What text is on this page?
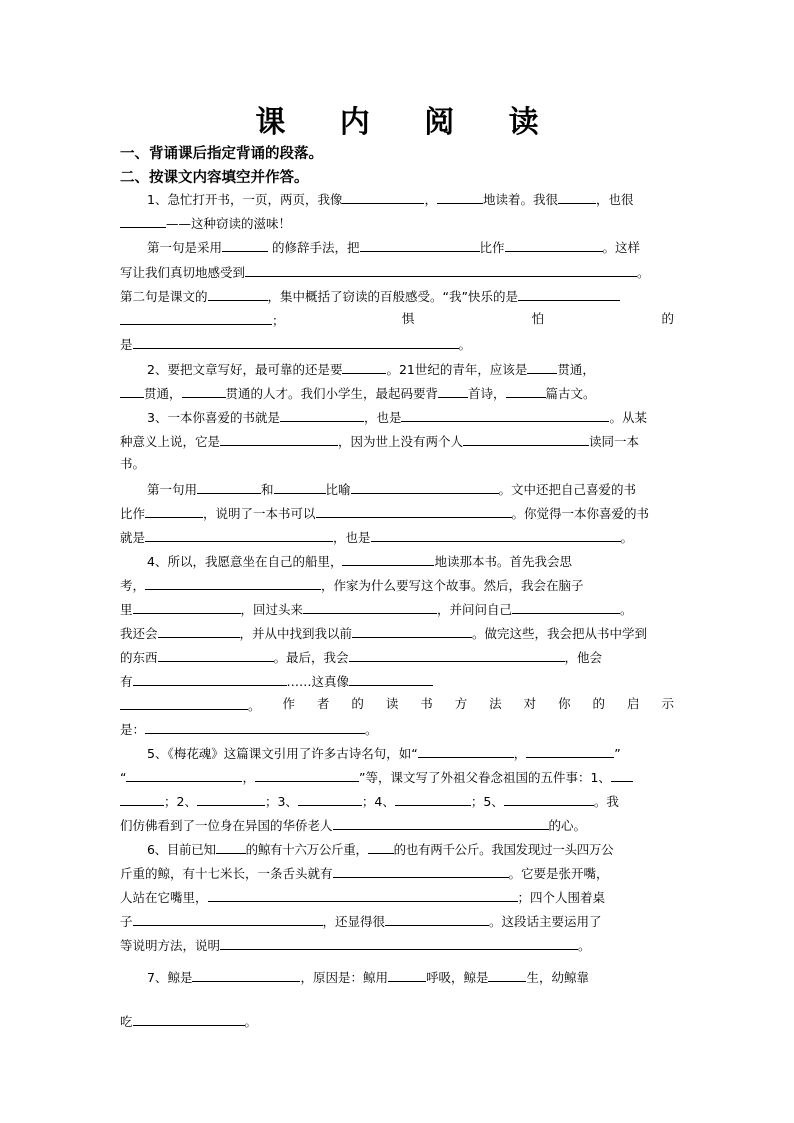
课 内 阅 读
一、背诵课后指定背诵的段落。
二、按课文内容填空并作答。
1、急忙打开书，一页，两页，我像	，	地读着。我很	，也很
——这种窃读的滋味！
第一句是采用	的修辞手法，把	比作	。这样
写让我们真切地感受到	。
第二句是课文的	，集中概括了窃读的百般感受。“我”快乐的是
；	惧	怕	的
是	。
2、要把文章写好，最可靠的还是要	。21世纪的青年，应该是 贯通，
贯通，	贯通的人才。我们小学生，最起码要背 首诗，	篇古文。
3、一本你喜爱的书就是	，也是	。从某
种意义上说，它是	，因为世上没有两个人	读同一本
书。
第一句用	和	比喻	。文中还把自己喜爱的书
比作	，说明了一本书可以	。你觉得一本你喜爱的书
就是	，也是	。
4、所以，我愿意坐在自己的船里，	地读那本书。首先我会思
考，	，作家为什么要写这个故事。然后，我会在脑子
里	，回过头来	，并问问自己	。
我还会	，并从中找到我以前	。做完这些，我会把从书中学到
的东西	。最后，我会	，他会
有	……这真像
。 作 者 的 读 书 方 法 对 你 的 启 示
是：	。
5、《梅花魂》这篇课文引用了许多古诗名句，如“	，	”
“	，	”等，课文写了外祖父眷念祖国的五件事：1、
；2、	；3、	；4、	；5、	。我
们仿佛看到了一位身在异国的华侨老人	的心。
6、目前已知 的鲸有十六万公斤重， 的也有两千公斤。我国发现过一头四万公
斤重的鲸，有十七米长，一条舌头就有	。它要是张开嘴，
人站在它嘴里，	；四个人围着桌
子	，还显得很	。这段话主要运用了
等说明方法，说明	。
7、鲸是	，原因是：鲸用	呼吸，鲸是	生，幼鲸靠
吃	。
